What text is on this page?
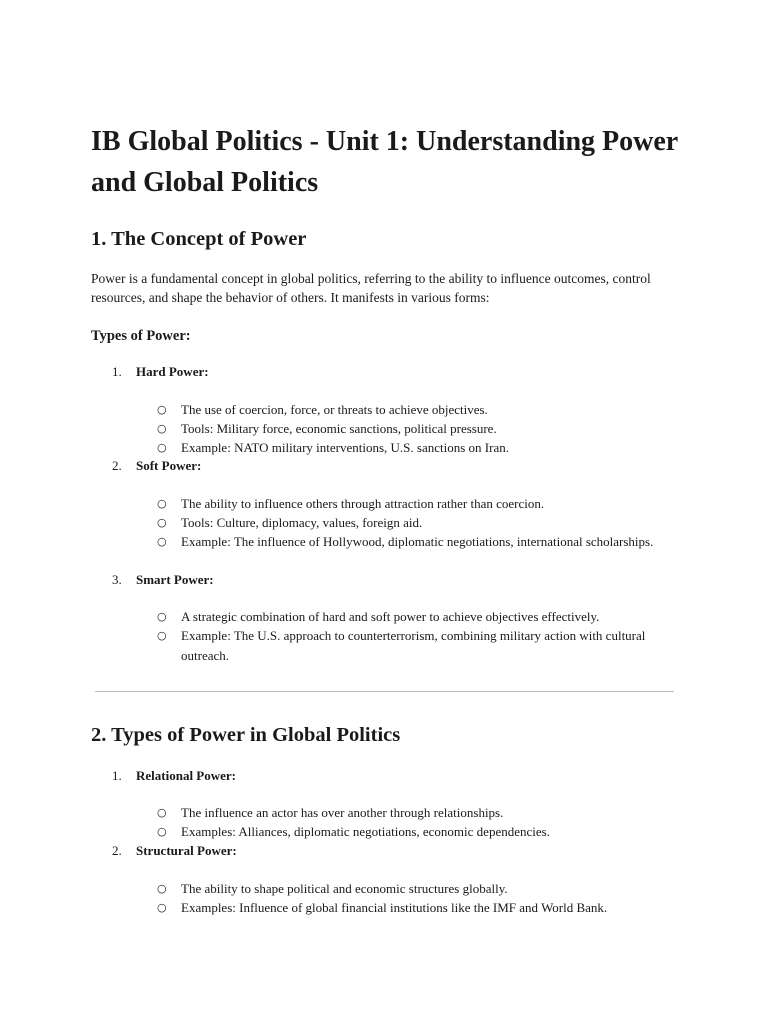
IB Global Politics - Unit 1: Understanding Power and Global Politics
1. The Concept of Power

Power is a fundamental concept in global politics, referring to the ability to influence outcomes, control resources, and shape the behavior of others. It manifests in various forms:

Types of Power:
1. Hard Power:
○ The use of coercion, force, or threats to achieve objectives.
○ Tools: Military force, economic sanctions, political pressure.
○ Example: NATO military interventions, U.S. sanctions on Iran.
2. Soft Power:
○ The ability to influence others through attraction rather than coercion.
○ Tools: Culture, diplomacy, values, foreign aid.
○ Example: The influence of Hollywood, diplomatic negotiations, international scholarships.
3. Smart Power:
○ A strategic combination of hard and soft power to achieve objectives effectively.
○ Example: The U.S. approach to counterterrorism, combining military action with cultural outreach.
2. Types of Power in Global Politics
1. Relational Power:
○ The influence an actor has over another through relationships.
○ Examples: Alliances, diplomatic negotiations, economic dependencies.
2. Structural Power:
○ The ability to shape political and economic structures globally.
○ Examples: Influence of global financial institutions like the IMF and World Bank.
